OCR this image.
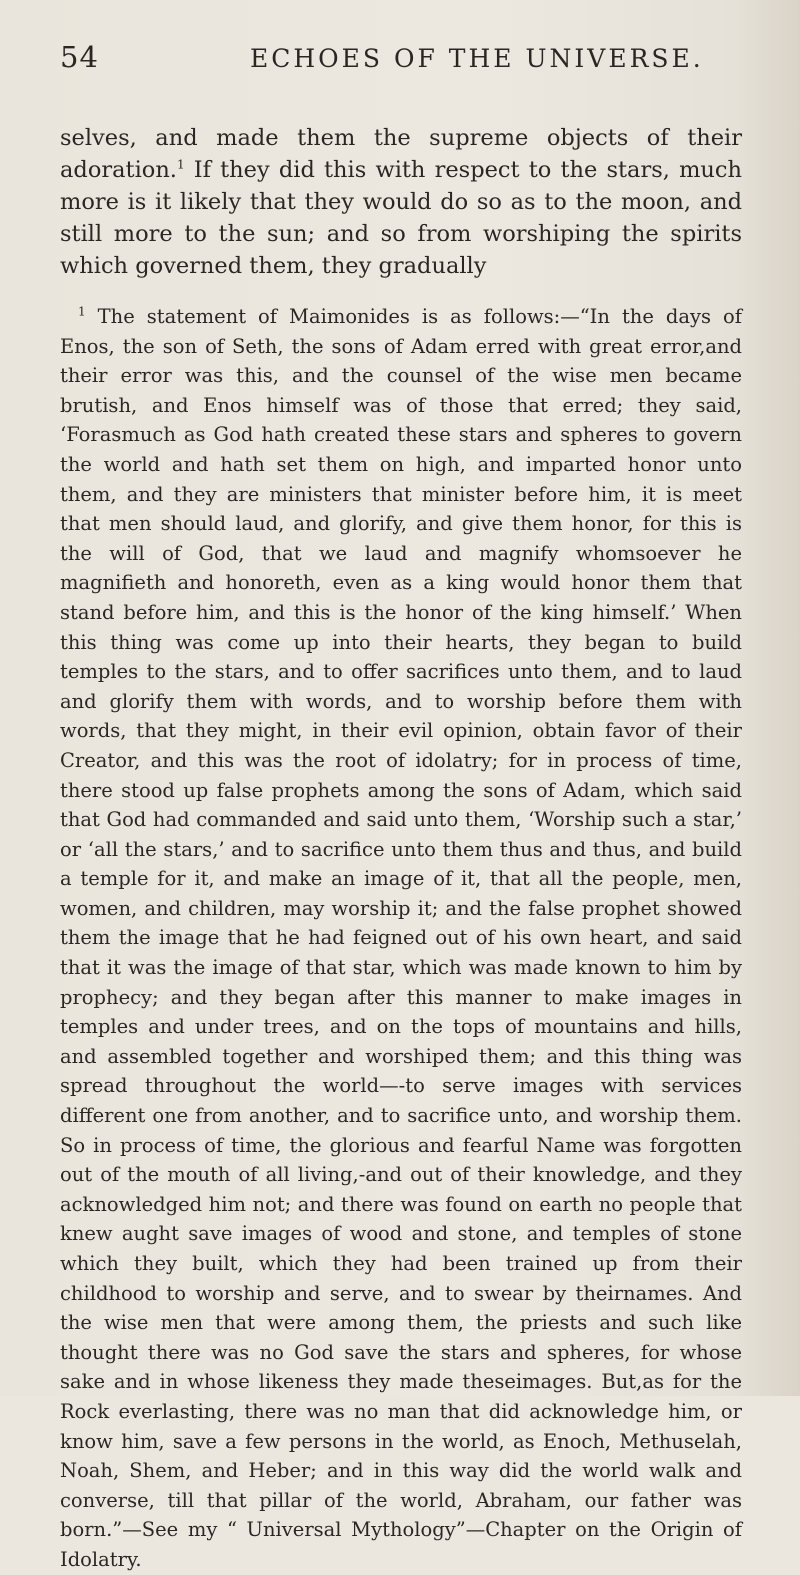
54	ECHOES OF THE UNIVERSE.

selves, and made them the supreme objects of their adoration.$^1$ If they did this with respect to the stars, much more is it likely that they would do so as to the moon, and still more to the sun; and so from worshiping the spirits which governed them, they gradually

$^1$ The statement of Maimonides is as follows:—“In the days of Enos, the son of Seth, the sons of Adam erred with great error,and their error was this, and the counsel of the wise men became brutish, and Enos himself was of those that erred; they said, ‘Forasmuch as God hath created these stars and spheres to govern the world and hath set them on high, and imparted honor unto them, and they are ministers that minister before him, it is meet that men should laud, and glorify, and give them honor, for this is the will of God, that we laud and magnify whomsoever he magnifieth and honoreth, even as a king would honor them that stand before him, and this is the honor of the king himself.’ When this thing was come up into their hearts, they began to build temples to the stars, and to offer sacrifices unto them, and to laud and glorify them with words, and to worship before them with words, that they might, in their evil opinion, obtain favor of their Creator, and this was the root of idolatry; for in process of time, there stood up false prophets among the sons of Adam, which said that God had commanded and said unto them, ‘Worship such a star,’ or ‘all the stars,’ and to sacrifice unto them thus and thus, and build a temple for it, and make an image of it, that all the people, men, women, and children, may worship it; and the false prophet showed them the image that he had feigned out of his own heart, and said that it was the image of that star, which was made known to him by prophecy; and they began after this manner to make images in temples and under trees, and on the tops of mountains and hills, and assembled together and worshiped them; and this thing was spread throughout the world—-to serve images with services different one from another, and to sacrifice unto, and worship them. So in process of time, the glorious and fearful Name was forgotten out of the mouth of all living,-and out of their knowledge, and they acknowledged him not; and there was found on earth no people that knew aught save images of wood and stone, and temples of stone which they built, which they had been trained up from their childhood to worship and serve, and to swear by theirnames. And the wise men that were among them, the priests and such like thought there was no God save the stars and spheres, for whose sake and in whose likeness they made theseimages. But,as for the Rock everlasting, there was no man that did acknowledge him, or know him, save a few persons in the world, as Enoch, Methuselah, Noah, Shem, and Heber; and in this way did the world walk and converse, till that pillar of the world, Abraham, our father was born.”—See my “ Universal Mythology”—Chapter on the Origin of Idolatry.
